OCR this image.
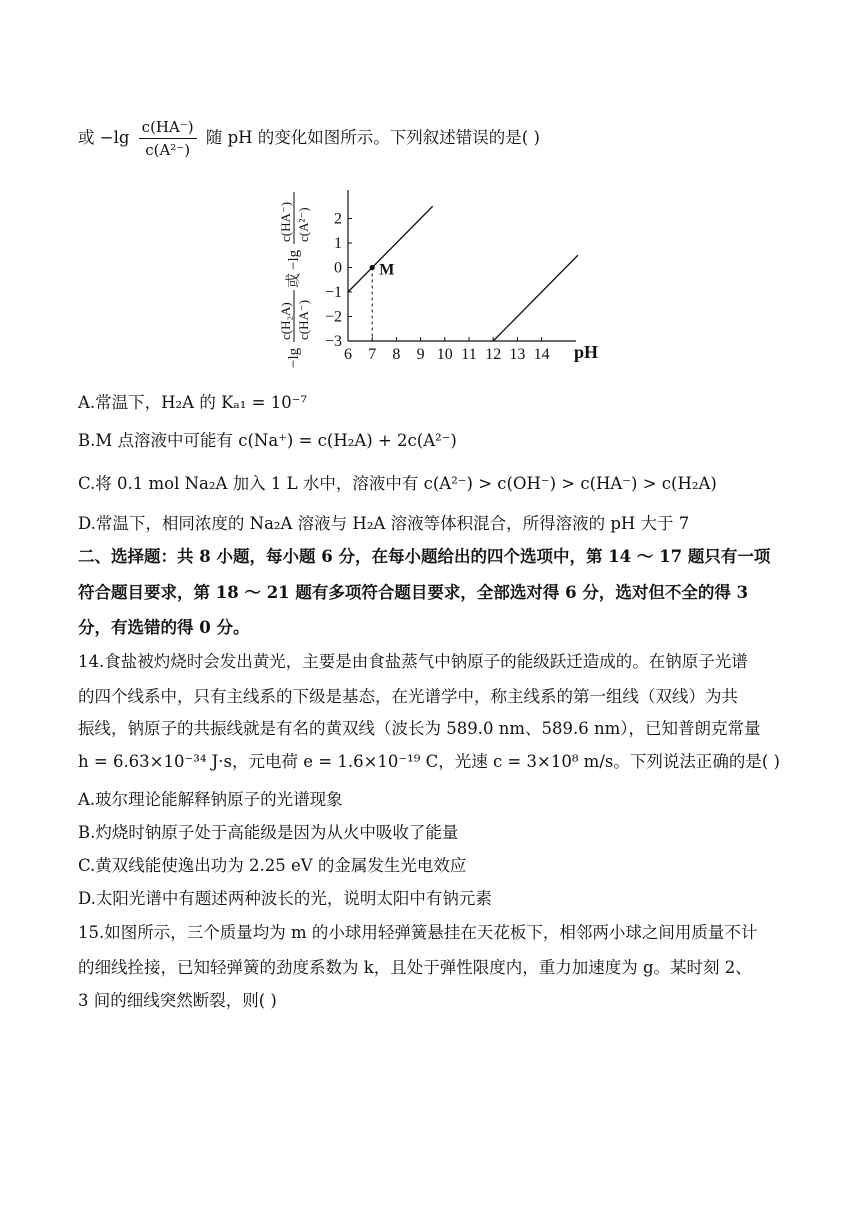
或 $-\lg \frac{c(HA^-)}{\text{c(A²⁻)}}$ 随 pH 的变化如图所示。下列叙述错误的是( )
−lg
c(H₂A) c(HA⁻)
或
−lg
c(HA⁻) c(A²⁻)
6 7 8 9 10 11 12 13 14 pH
2
1
0
−1
−2
−3
M
A.常温下，H₂A 的 Kₐ₁ = 10⁻⁷
B.M 点溶液中可能有 c(Na⁺) = c(H₂A) + 2c(A²⁻)
C.将 0.1 mol Na₂A 加入 1 L 水中，溶液中有 c(A²⁻) > c(OH⁻) > c(HA⁻) > c(H₂A)
D.常温下，相同浓度的 Na₂A 溶液与 H₂A 溶液等体积混合，所得溶液的 pH 大于 7
二、选择题：共 8 小题，每小题 6 分，在每小题给出的四个选项中，第 14 ～ 17 题只有一项
符合题目要求，第 18 ～ 21 题有多项符合题目要求，全部选对得 6 分，选对但不全的得 3
分，有选错的得 0 分。
14.食盐被灼烧时会发出黄光，主要是由食盐蒸气中钠原子的能级跃迁造成的。在钠原子光谱
的四个线系中，只有主线系的下级是基态，在光谱学中，称主线系的第一组线（双线）为共
振线，钠原子的共振线就是有名的黄双线（波长为 589.0 nm、589.6 nm），已知普朗克常量
h = 6.63×10⁻³⁴ J·s，元电荷 e = 1.6×10⁻¹⁹ C，光速 c = 3×10⁸ m/s。下列说法正确的是( )
A.玻尔理论能解释钠原子的光谱现象
B.灼烧时钠原子处于高能级是因为从火中吸收了能量
C.黄双线能使逸出功为 2.25 eV 的金属发生光电效应
D.太阳光谱中有题述两种波长的光，说明太阳中有钠元素
15.如图所示，三个质量均为 m 的小球用轻弹簧悬挂在天花板下，相邻两小球之间用质量不计
的细线拴接，已知轻弹簧的劲度系数为 k，且处于弹性限度内，重力加速度为 g。某时刻 2、
3 间的细线突然断裂，则( )
